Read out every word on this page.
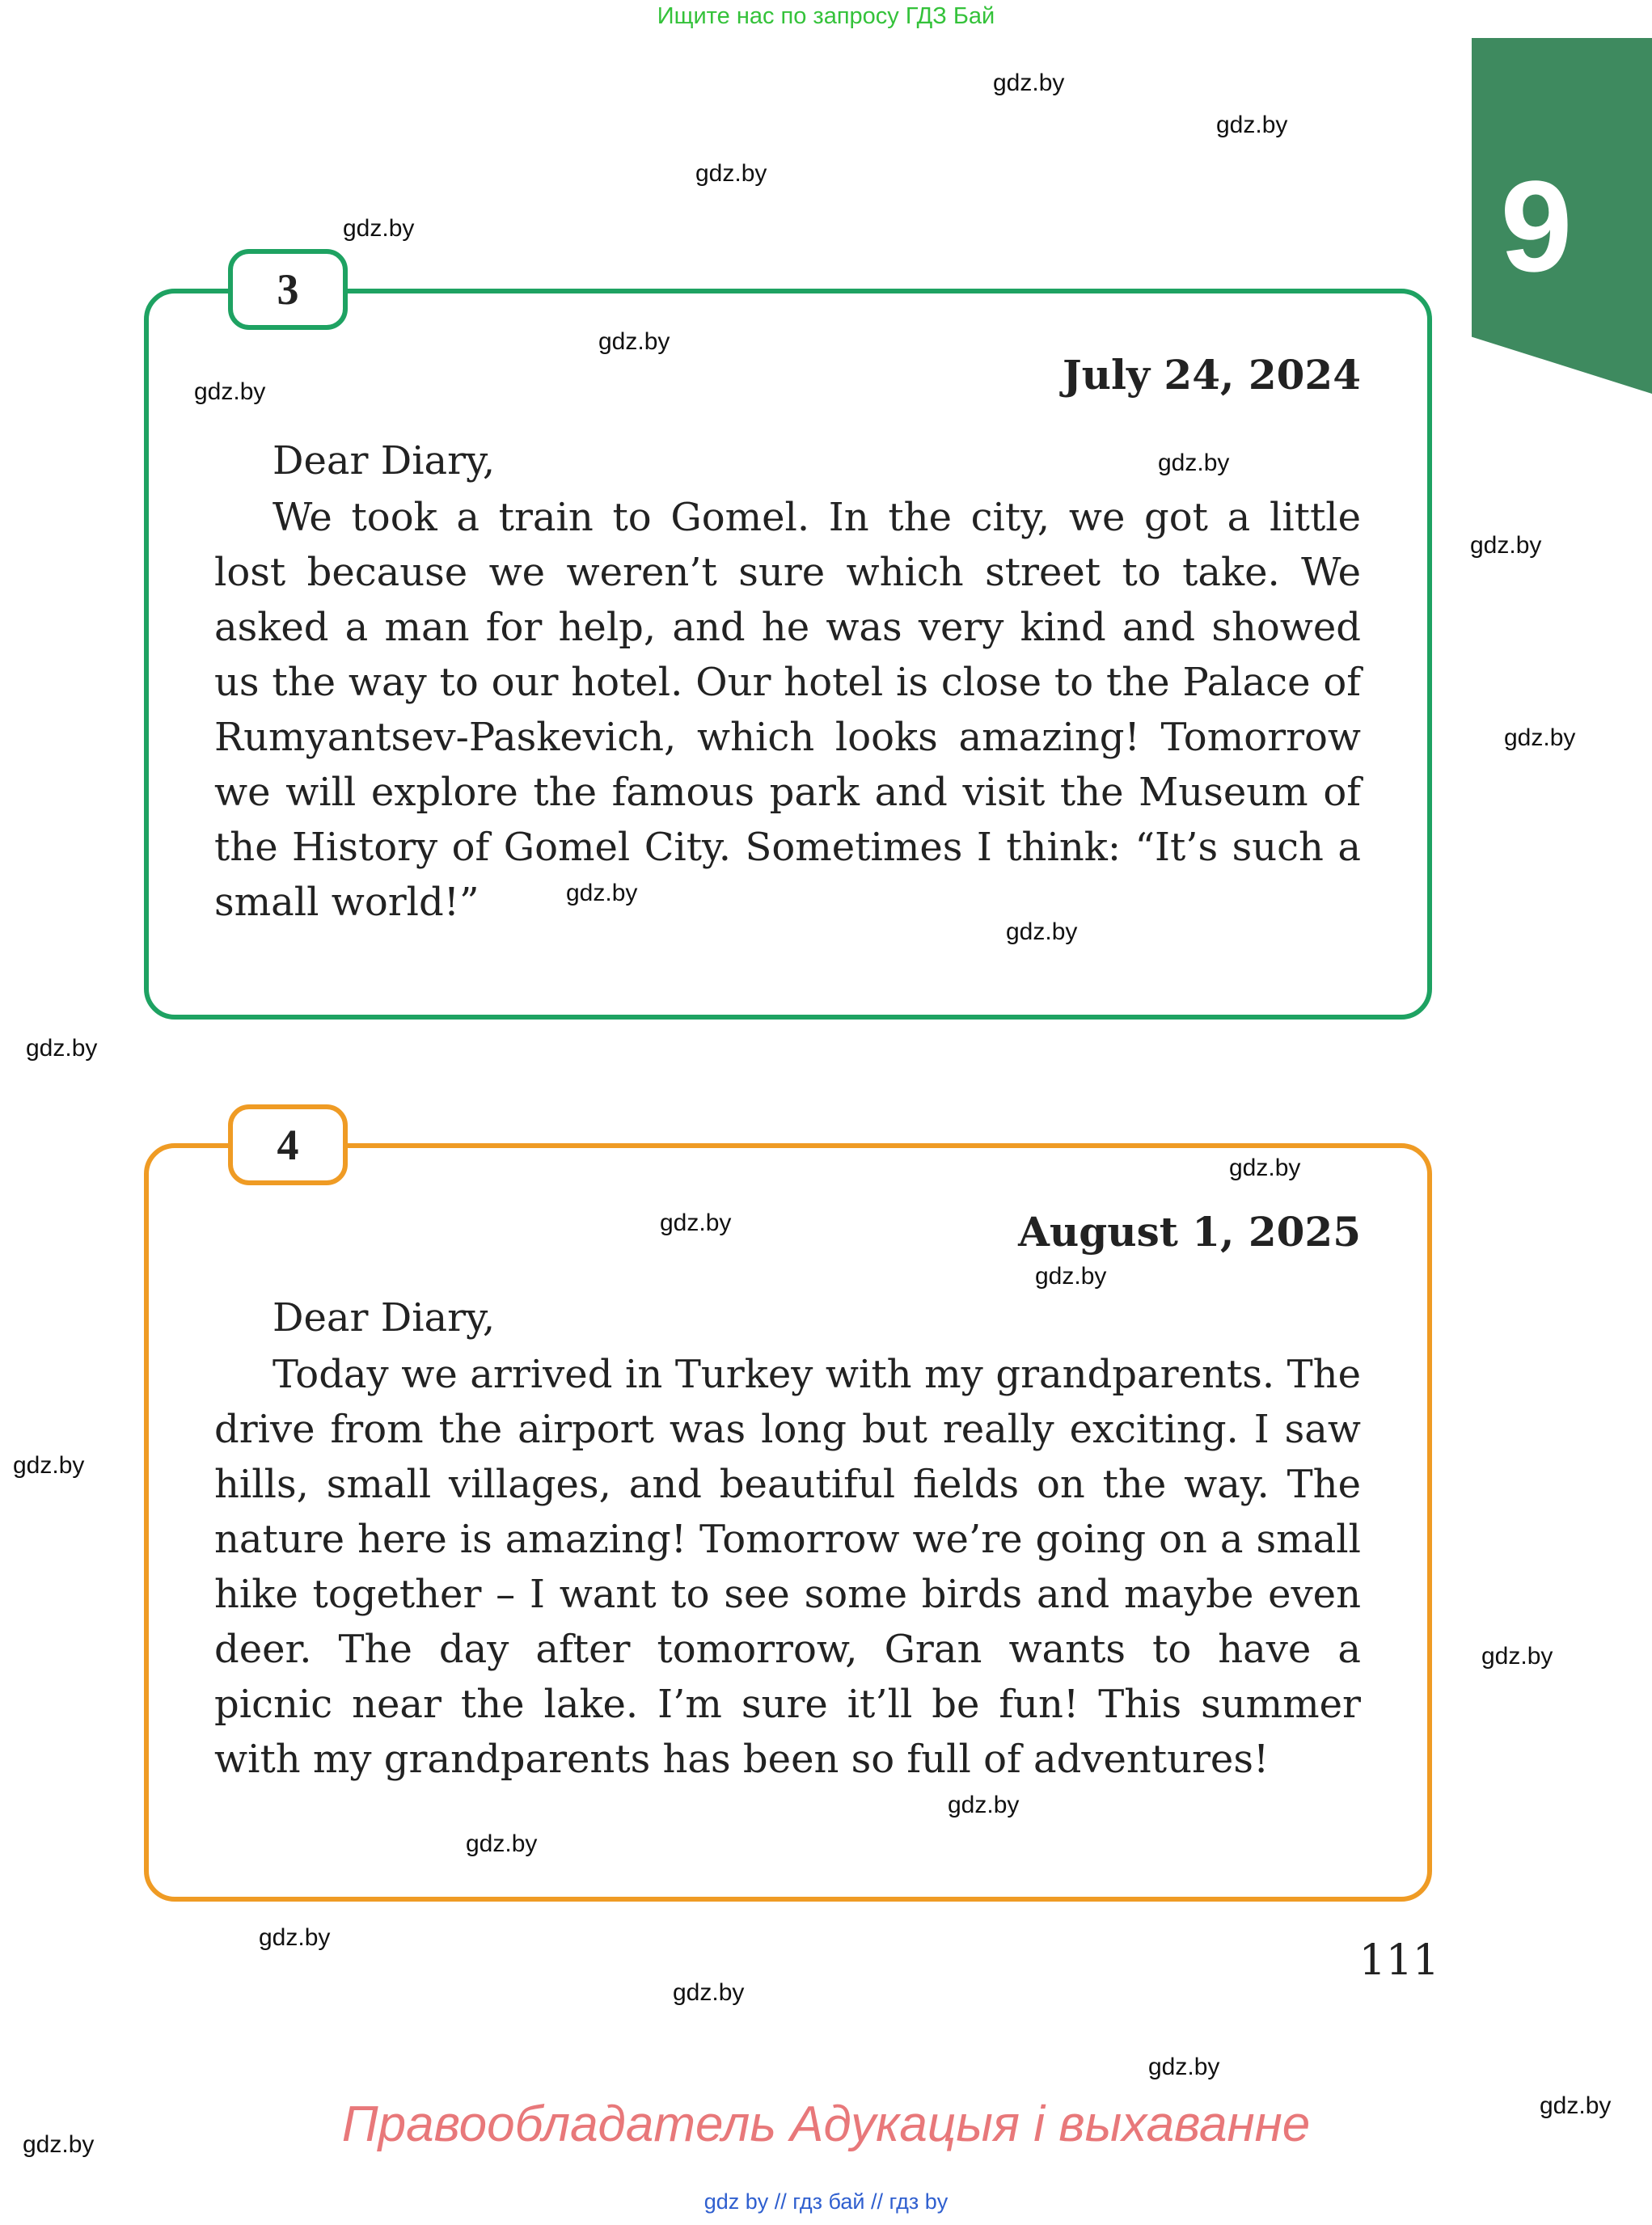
Ищите нас по запросу ГДЗ Бай
9
3
July 24, 2024
Dear Diary,

We took a train to Gomel. In the city, we got a little lost because we weren’t sure which street to take. We asked a man for help, and he was very kind and showed us the way to our hotel. Our hotel is close to the Palace of Rumyantsev-Paskevich, which looks amazing! Tomorrow we will explore the famous park and visit the Museum of the History of Gomel City. Sometimes I think: “It’s such a small world!”

4
August 1, 2025
Dear Diary,

Today we arrived in Turkey with my grandparents. The drive from the airport was long but really exciting. I saw hills, small villages, and beautiful fields on the way. The nature here is amazing! Tomorrow we’re going on a small hike together – I want to see some birds and maybe even deer. The day after tomorrow, Gran wants to have a picnic near the lake. I’m sure it’ll be fun! This summer with my grandparents has been so full of adventures!

111
Правообладатель Адукацыя і выхаванне
gdz by // гдз бай // гдз by
gdz.by
gdz.by
gdz.by
gdz.by
gdz.by
gdz.by
gdz.by
gdz.by
gdz.by
gdz.by
gdz.by
gdz.by
gdz.by
gdz.by
gdz.by
gdz.by
gdz.by
gdz.by
gdz.by
gdz.by
gdz.by
gdz.by
gdz.by
gdz.by
